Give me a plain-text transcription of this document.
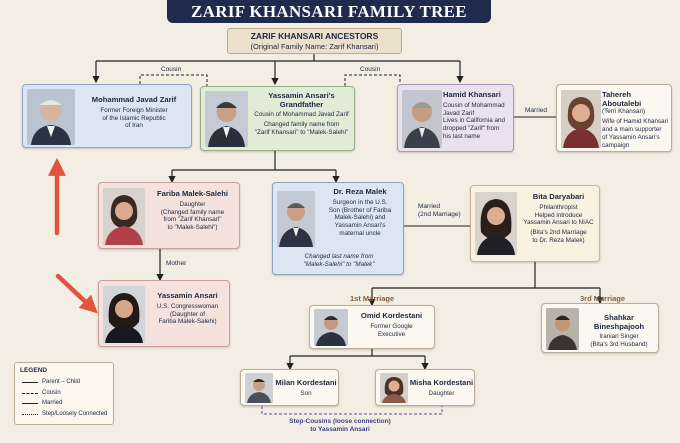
ZARIF KHANSARI FAMILY TREE
ZARIF KHANSARI ANCESTORS
(Original Family Name: Zarif Khansari)
Mohammad Javad Zarif
Former Foreign Minister
of the Islamic Republic
of Iran
Yassamin Ansari's Grandfather
Cousin of Mohammad Javad Zarif
Changed family name from
"Zarif Khansari" to "Malek-Salehi"
Hamid Khansari
Cousin of Mohammad
Javad Zarif
Lives in California and
dropped "Zarif" from
his last name
Married
Tahereh Aboutalebi
(Terri Khansari)
Wife of Hamid Khansari
and a main supporter
of Yassamin Ansari's
campaign
Fariba Malek-Salehi
Daughter
(Changed family name
from "Zarif Khansari"
to "Malek-Salehi")
Dr. Reza Malek
Surgeon in the U.S.
Son (Brother of Fariba
Malek-Salehi) and
Yassamin Ansari's
maternal uncle
Changed last name from
"Malek-Salehi" to "Malek"
Married
(2nd Marriage)
Bita Daryabari
Philanthropist
Helped introduce
Yassamin Ansari to NIAC
(Bita's 2nd Marriage
to Dr. Reza Malek)
Mother
Yassamin Ansari
U.S. Congresswoman
(Daughter of
Fariba Malek-Salehi)
1st Marriage	3rd Marriage
Omid Kordestani
Former Google
Executive
Shahkar Bineshpajooh
Iranian Singer
(Bita's 3rd Husband)
Milan Kordestani
Son
Misha Kordestani
Daughter
Step-Cousins (loose connection)
to Yassamin Ansari
Cousin	Cousin
LEGEND
Parent – Child
Cousin
Married
Step/Loosely Connected
